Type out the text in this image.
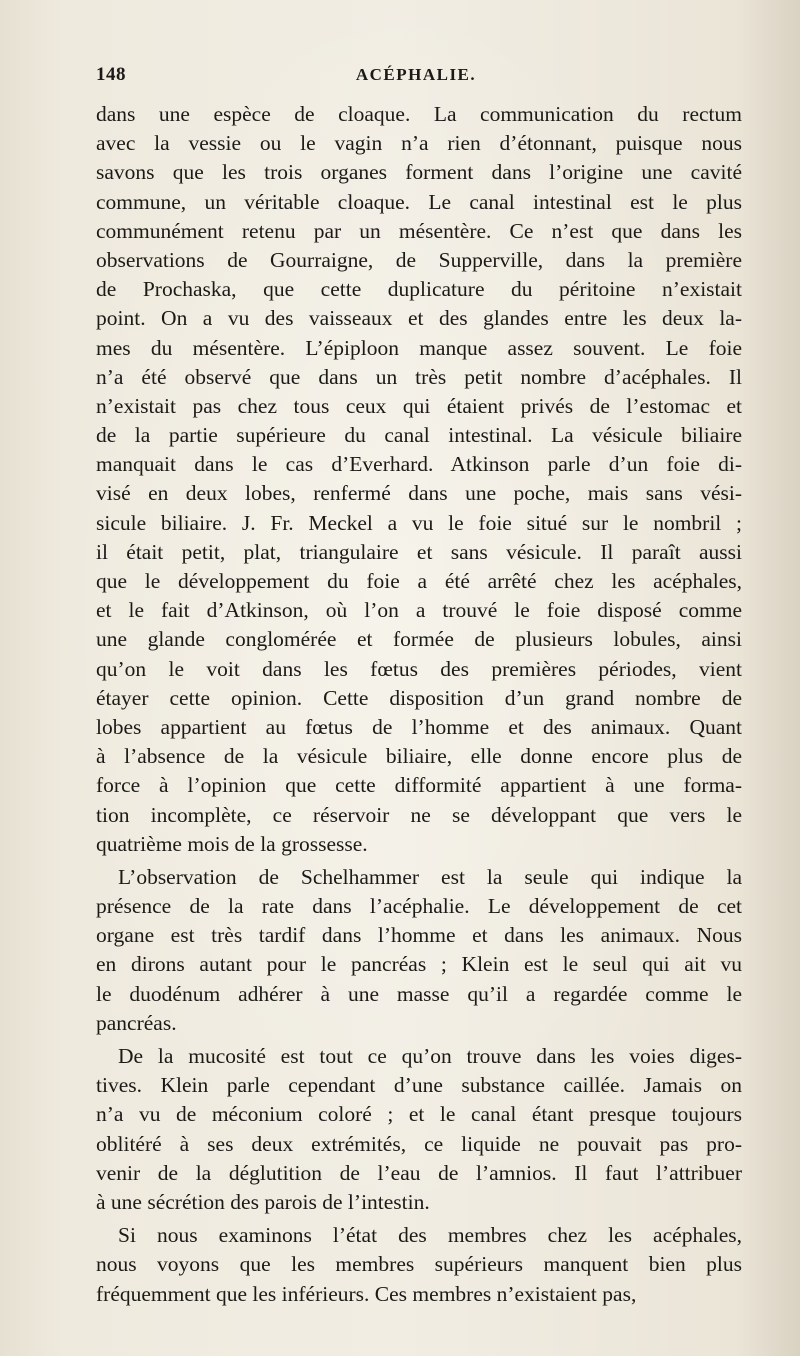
148	ACÉPHALIE.
dans une espèce de cloaque. La communication du rectum
avec la vessie ou le vagin n’a rien d’étonnant, puisque nous
savons que les trois organes forment dans l’origine une cavité
commune, un véritable cloaque. Le canal intestinal est le plus
communément retenu par un mésentère. Ce n’est que dans les
observations de Gourraigne, de Supperville, dans la première
de Prochaska, que cette duplicature du péritoine n’existait
point. On a vu des vaisseaux et des glandes entre les deux la-
mes du mésentère. L’épiploon manque assez souvent. Le foie
n’a été observé que dans un très petit nombre d’acéphales. Il
n’existait pas chez tous ceux qui étaient privés de l’estomac et
de la partie supérieure du canal intestinal. La vésicule biliaire
manquait dans le cas d’Everhard. Atkinson parle d’un foie di-
visé en deux lobes, renfermé dans une poche, mais sans vési-
sicule biliaire. J. Fr. Meckel a vu le foie situé sur le nombril ;
il était petit, plat, triangulaire et sans vésicule. Il paraît aussi
que le développement du foie a été arrêté chez les acéphales,
et le fait d’Atkinson, où l’on a trouvé le foie disposé comme
une glande conglomérée et formée de plusieurs lobules, ainsi
qu’on le voit dans les fœtus des premières périodes, vient
étayer cette opinion. Cette disposition d’un grand nombre de
lobes appartient au fœtus de l’homme et des animaux. Quant
à l’absence de la vésicule biliaire, elle donne encore plus de
force à l’opinion que cette difformité appartient à une forma-
tion incomplète, ce réservoir ne se développant que vers le
quatrième mois de la grossesse.
L’observation de Schelhammer est la seule qui indique la
présence de la rate dans l’acéphalie. Le développement de cet
organe est très tardif dans l’homme et dans les animaux. Nous
en dirons autant pour le pancréas ; Klein est le seul qui ait vu
le duodénum adhérer à une masse qu’il a regardée comme le
pancréas.
De la mucosité est tout ce qu’on trouve dans les voies diges-
tives. Klein parle cependant d’une substance caillée. Jamais on
n’a vu de méconium coloré ; et le canal étant presque toujours
oblitéré à ses deux extrémités, ce liquide ne pouvait pas pro-
venir de la déglutition de l’eau de l’amnios. Il faut l’attribuer
à une sécrétion des parois de l’intestin.
Si nous examinons l’état des membres chez les acéphales,
nous voyons que les membres supérieurs manquent bien plus
fréquemment que les inférieurs. Ces membres n’existaient pas,
